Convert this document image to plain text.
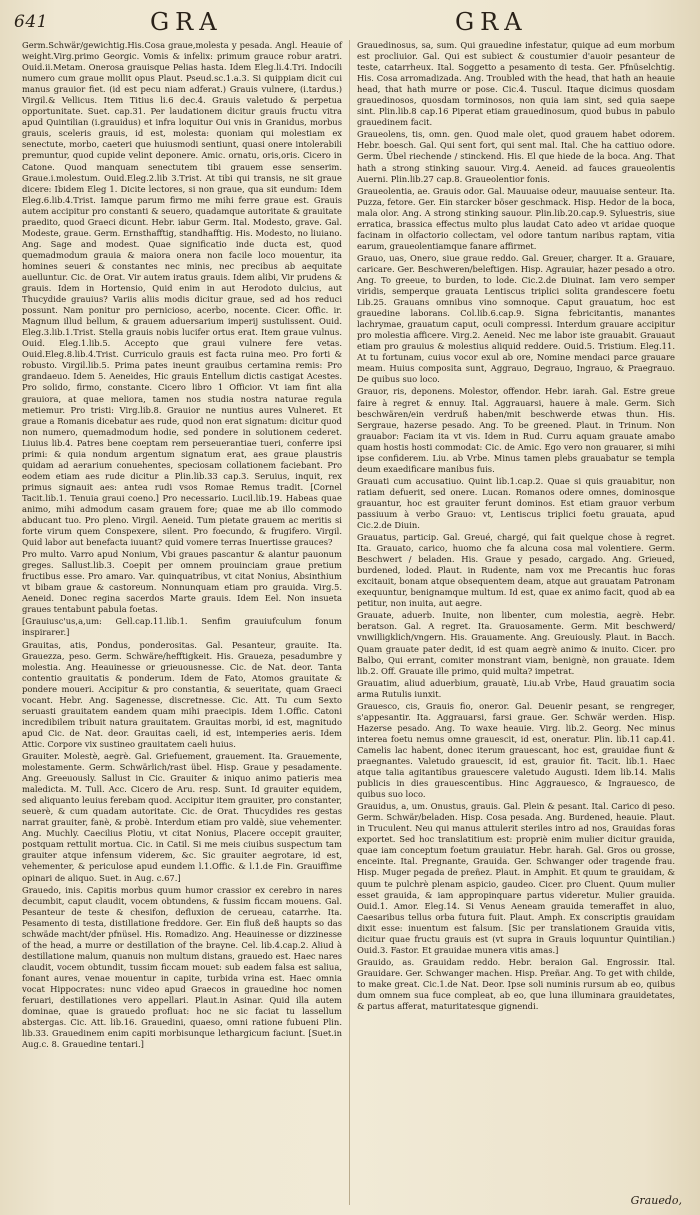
641	GRA	GRA

Germ.Schwär/gewichtig.His.Cosa graue,molesta y pesada. Angl. Heauie of weight.Virg.primo Georgic. Vomis & infelix: primum grauce robur aratri. Ouid.ii.Metam. Onerosa grauisque Pelias hasta. Idem Eleg.li.4.Tri. Indocili numero cum graue mollit opus Plaut. Pseud.sc.1.a.3. Si quippiam dicit cui manus grauior fiet. (id est pecu niam adferat.) Grauis vulnere, (i.tardus.) Virgil.& Vellicus. Item Titius li.6 dec.4. Grauis valetudo & perpetua opportunitate. Suet. cap.31. Per laudationem dicitur grauis fructu vitra apud Quintilian (i.grauidus) et infra loquitur Oui vnis in Granidus, morbus grauis, sceleris grauis, id est, molesta: quoniam qui molestiam ex senectute, morbo, caeteri que huiusmodi sentiunt, quasi onere intolerabili premuntur, quod cupide velint deponere. Amic. ornatu, oris,oris. Cicero in Catone. Quod manquam senectutem tibi grauem esse senserim. Graue.i.molestum. Ouid.Eleg.2.lib 3.Trist. At tibi qui transis, ne sit graue dicere: Ibidem Eleg 1. Dicite lectores, si non graue, qua sit eundum: Idem Eleg.6.lib.4.Trist. Iamque parum firmo me mihi ferre graue est. Grauis autem accipitur pro constanti & seuero, quadamque autoritate & grauitate praedito, quod Graeci dicunt. Hebr. iabur Germ. Ital. Modesto, grave. Gal. Modeste, graue. Germ. Ernsthafftig, standhafftig. His. Modesto, no liuiano. Ang. Sage and modest. Quae significatio inde ducta est, quod quemadmodum grauia & maiora onera non facile loco mouentur, ita homines seueri & constantes nec minis, nec precibus ab aequitate auelluntur. Cic. de Orat. Vir autem iratus grauis. Idem alibi, Vir prudens & grauis. Idem in Hortensio, Quid enim in aut Herodoto dulcius, aut Thucydide grauius? Variis aliis modis dicitur graue, sed ad hos reduci possunt. Nam ponitur pro pernicioso, acerbo, nocente. Cicer. Offic. ir. Magnum illud bellum, & grauem aduersarium imperij sustulissent. Ouid. Eleg.3.lib.1.Trist. Stella grauis nobis lucifer ortus erat. Item graue vulnus. Ouid. Eleg.1.lib.5. Accepto que graui vulnere fere vetas. Ouid.Eleg.8.lib.4.Trist. Curriculo grauis est facta ruina meo. Pro forti & robusto. Virgil.lib.5. Prima pates ineunt grauibus certamina remis: Pro grandaeuo. Idem 5. Aeneides, Hic grauis Entellum dictis castigat Acestes. Pro solido, firmo, constante. Cicero libro 1 Officior. Vt iam fint alia grauiora, at quae meliora, tamen nos studia nostra naturae regula metiemur. Pro tristi: Virg.lib.8. Grauior ne nuntius aures Vulneret. Et graue a Romanis dicebatur aes rude, quod non erat signatum: dicitur quod non numero, quemadmodum hodie, sed pondere in solutionem cederet. Liuius lib.4. Patres bene coeptam rem perseuerantiae tueri, conferre ipsi primi: & quia nondum argentum signatum erat, aes graue plaustris quidam ad aerarium conuehentes, speciosam collationem faciebant. Pro eodem etiam aes rude dicitur a Plin.lib.33 cap.3. Seruius, inquit, rex primus signauit aes: antea rudi vsos Romae Remus tradit. [Cornel Tacit.lib.1. Tenuia graui coeno.] Pro necessario. Lucil.lib.19. Habeas quae animo, mihi admodum casam grauem fore; quae me ab illo commodo abducant tuo. Pro pleno. Virgil. Aeneid. Tum pietate grauem ac meritis si forte virum quem Conspexere, silent. Pro foecundo, & frugifero. Virgil. Quid labor aut benefacta iuuant? quid vomere terras Inuertisse grauces?

Pro multo. Varro apud Nonium, Vbi graues pascantur & alantur pauonum greges. Sallust.lib.3. Coepit per omnem prouinciam graue pretium fructibus esse. Pro amaro. Var. quinquatribus, vt citat Nonius, Absinthium vt bibam graue & castoreum. Nonnunquam etiam pro grauida. Virg.5. Aeneid. Donec regina sacerdos Marte grauis. Idem Eel. Non insueta graues tentabunt pabula foetas.

[Grauiusc'us,a,um: Gell.cap.11.lib.1. Senfim grauiufculum fonum inspirarer.]

Grauitas, atis, Pondus, ponderositas. Gal. Pesanteur, grauite. Ita. Grauezza, peso. Germ. Schwäre/hefftigkeit. His. Graueza, pesadumbre y molestia. Ang. Heauinesse or grieuousnesse. Cic. de Nat. deor. Tanta contentio grauitatis & ponderum. Idem de Fato, Atomos grauitate & pondere moueri. Accipitur & pro constantia, & seueritate, quam Graeci vocant. Hebr. Ang. Sagenesse, discretnesse. Cic. Att. Tu cum Sexto seruasti grauitatem eandem quam mihi praecipis. Idem 1.Offic. Catoni incredibilem tribuit natura grauitatem. Grauitas morbi, id est, magnitudo apud Cic. de Nat. deor. Grauitas caeli, id est, intemperies aeris. Idem Attic. Corpore vix sustineo grauitatem caeli huius.

Grauiter. Molestè, aegrè. Gal. Griefuement, grauement. Ita. Grauemente, molestamente. Germ. Schwärlich/rast übel. Hisp. Graue y pesadamente. Ang. Greeuously. Sallust in Cic. Grauiter & iniquo animo patieris mea maledicta. M. Tull. Acc. Cicero de Aru. resp. Sunt. Id grauiter equidem, sed aliquanto leuius ferebam quod. Accipitur item grauiter, pro constanter, seuerè, & cum quadam autoritate. Cic. de Orat. Thucydides res gestas narrat grauiter, fanè, & probè. Interdum etiam pro valdè, siue vehementer. Ang. Muchly. Caecilius Plotiu, vt citat Nonius, Placere occepit grauiter, postquam rettulit mortua. Cic. in Catil. Si me meis ciuibus suspectum tam grauiter atque infensum viderem, &c. Sic grauiter aegrotare, id est, vehementer, & periculose apud eundem l.1.Offic. & l.1.de Fin. Grauiffime opinari de aliquo. Suet. in Aug. c.67.]

Grauedo, inis. Capitis morbus quum humor crassior ex cerebro in nares decumbit, caput claudit, vocem obtundens, & fussim ficcam mouens. Gal. Pesanteur de teste & chesifon, defluxion de cerueau, catarrhe. Ita. Pesamento di testa, distillatione freddore. Ger. Ein fluß deß haupts so das schwäde macht/der pfnüsel. His. Romadizo. Ang. Heauinesse or dizzinesse of the head, a murre or destillation of the brayne. Cel. lib.4.cap.2. Aliud à destillatione malum, quanuis non multum distans, grauedo est. Haec nares claudit, vocem obtundit, tussim ficcam mouet: sub eadem falsa est saliua, fonant aures, venae mouentur in capite, turbida vrina est. Haec omnia vocat Hippocrates: nunc video apud Graecos in grauedine hoc nomen feruari, destillationes vero appellari. Plaut.in Asinar. Quid illa autem dominae, quae is grauedo profluat: hoc ne sic faciat tu lassellum abstergas. Cic. Att. lib.16. Grauedini, quaeso, omni ratione fubueni Plin. lib.33. Grauedinem enim capiti morbisunque lethargicum faciunt. [Suet.in Aug.c. 8. Grauedine tentari.]

Grauedinosus, sa, sum. Qui grauedine infestatur, quique ad eum morbum est procliuior. Gal. Qui est subiect & coustumier d'auoir pesanteur de teste, catarrheux. Ital. Soggetto a pesamento di testa. Ger. Pfnüselchtig. His. Cosa arromadizada. Ang. Troubled with the head, that hath an heauie head, that hath murre or pose. Cic.4. Tuscul. Itaque dicimus quosdam grauedinosos, quosdam torminosos, non quia iam sint, sed quia saepe sint. Plin.lib.8 cap.16 Piperat etiam grauedinosum, quod bubus in pabulo grauedinem facit.

Graueolens, tis, omn. gen. Quod male olet, quod grauem habet odorem. Hebr. boesch. Gal. Qui sent fort, qui sent mal. Ital. Che ha cattiuo odore. Germ. Übel riechende / stinckend. His. El que hiede de la boca. Ang. That hath a strong stinking sauour. Virg.4. Aeneid. ad fauces graueolentis Auerni. Plin.lib.27 cap.8. Graueolentior fonis.

Graueolentia, ae. Grauis odor. Gal. Mauuaise odeur, mauuaise senteur. Ita. Puzza, fetore. Ger. Ein starcker böser geschmack. Hisp. Hedor de la boca, mala olor. Ang. A strong stinking sauour. Plin.lib.20.cap.9. Syluestris, siue erratica, brassica effectus multo plus laudat Cato adeo vt aridae quoque facinam in olfactorio collectam, vel odore tantum naribus raptam, vitia earum, graueolentiamque fanare affirmet.

Grauo, uas, Onero, siue graue reddo. Gal. Greuer, charger. It a. Grauare, caricare. Ger. Beschweren/beleftigen. Hisp. Agrauiar, hazer pesado a otro. Ang. To greeue, to burden, to lode. Cic.2.de Diuinat. Iam vero semper viridis, semperque grauata Lentiscus triplici solita grandescere foetu Lib.25. Grauans omnibus vino somnoque. Caput grauatum, hoc est grauedine laborans. Col.lib.6.cap.9. Signa febricitantis, manantes lachrymae, grauatum caput, oculi compressi. Interdum grauare accipitur pro molestia afficere. Virg.2. Aeneid. Nec me labor iste grauabit. Grauaut etiam pro grauius & molestius aliquid reddere. Ouid.5. Tristium. Eleg.11. At tu fortunam, cuius vocor exul ab ore, Nomine mendaci parce grauare meam. Huius composita sunt, Aggrauo, Degrauo, Ingrauo, & Praegrauo. De quibus suo loco.

Grauor, ris, deponens. Molestor, offendor. Hebr. iarah. Gal. Estre greue faire à regret & ennuy. Ital. Aggrauarsi, hauere à male. Germ. Sich beschwären/ein verdruß haben/mit beschwerde etwas thun. His. Sergraue, hazerse pesado. Ang. To be greened. Plaut. in Trinum. Non grauabor: Faciam ita vt vis. Idem in Rud. Curru aquam grauate amabo quam hostis hosti commodat: Cic. de Amic. Ego vero non grauarer, si mihi ipse confiderem. Liu. ab Vrbe. Minus tamen plebs grauabatur se templa deum exaedificare manibus fuis.

Grauati cum accusatiuo. Quint lib.1.cap.2. Quae si quis grauabitur, non ratiam defuerit, sed onere. Lucan. Romanos odere omnes, dominosque grauantur, hoc est grauiter ferunt dominos. Est etiam grauor verbum passiuum à verbo Grauo: vt, Lentiscus triplici foetu grauata, apud Cic.2.de Diuin.

Grauatus, particip. Gal. Greué, chargé, qui fait quelque chose à regret. Ita. Grauato, carico, huomo che fa alcuna cosa mal volentiere. Germ. Beschwert / beladen. His. Graue y pesado, cargado. Ang. Grieued, burdened, loded. Plaut. in Rudente, nam vox me Precantis huc foras excitauit, bonam atque obsequentem deam, atque aut grauatam Patronam exequuntur, benignamque multum. Id est, quae ex animo facit, quod ab ea petitur, non inuita, aut aegre.

Grauate, aduerb. Inuite, non libenter, cum molestia, aegrè. Hebr. beratson. Gal. A regret. Ita. Grauosamente. Germ. Mit beschwerd/ vnwilligklich/vngern. His. Grauamente. Ang. Greuiously. Plaut. in Bacch. Quam grauate pater dedit, id est quam aegrè animo & inuito. Cicer. pro Balbo, Qui errant, comiter monstrant viam, benignè, non grauate. Idem lib.2. Off. Grauate ille primo, quid multa? impetrat.

Grauatim, aliud aduerbium, grauatè, Liu.ab Vrbe, Haud grauatim socia arma Rutulis iunxit.

Grauesco, cis, Grauis fio, oneror. Gal. Deuenir pesant, se rengreger, s'appesantir. Ita. Aggrauarsi, farsi graue. Ger. Schwär werden. Hisp. Hazerse pesado. Ang. To waxe heauie. Virg. lib.2. Georg. Nec minus interea foetu nemus omne grauescit, id est, oneratur. Plin. lib.11 cap.41. Camelis lac habent, donec iterum grauescant, hoc est, grauidae fiunt & praegnantes. Valetudo grauescit, id est, grauior fit. Tacit. lib.1. Haec atque talia agitantibus grauescere valetudo Augusti. Idem lib.14. Malis publicis in dies grauescentibus. Hinc Aggrauesco, & Ingrauesco, de quibus suo loco.

Grauidus, a, um. Onustus, grauis. Gal. Plein & pesant. Ital. Carico di peso. Germ. Schwär/beladen. Hisp. Cosa pesada. Ang. Burdened, heauie. Plaut. in Truculent. Neu qui manus attulerit steriles intro ad nos, Grauidas foras exportet. Sed hoc translatitium est: propriè enim mulier dicitur grauida, quae iam conceptum foetum grauiatur. Hebr. harah. Gal. Gros ou grosse, enceinte. Ital. Pregnante, Grauida. Ger. Schwanger oder tragende frau. Hisp. Muger pegada de preñez. Plaut. in Amphit. Et quum te grauidam, & quum te pulchrè plenam aspicio, gaudeo. Cicer. pro Cluent. Quum mulier esset grauida, & iam appropinquare partus videretur. Mulier grauida. Ouid.1. Amor. Eleg.14. Si Venus Aeneam grauida temeraffet in aluo, Caesaribus tellus orba futura fuit. Plaut. Amph. Ex conscriptis grauidam dixit esse: inuentum est falsum. [Sic per translationem Grauida vitis, dicitur quae fructu grauis est (vt supra in Grauis loquuntur Quintilian.) Ouid.3. Fastor. Et grauidae munera vitis amas.]

Grauido, as. Grauidam reddo. Hebr. beraion Gal. Engrossir. Ital. Grauidare. Ger. Schwanger machen. Hisp. Preñar. Ang. To get with childe, to make great. Cic.1.de Nat. Deor. Ipse soli numinis rursum ab eo, quibus dum omnem sua fuce compleat, ab eo, que luna illuminara grauidetates, & partus afferat, maturitatesque gignendi.

Grauedo,
